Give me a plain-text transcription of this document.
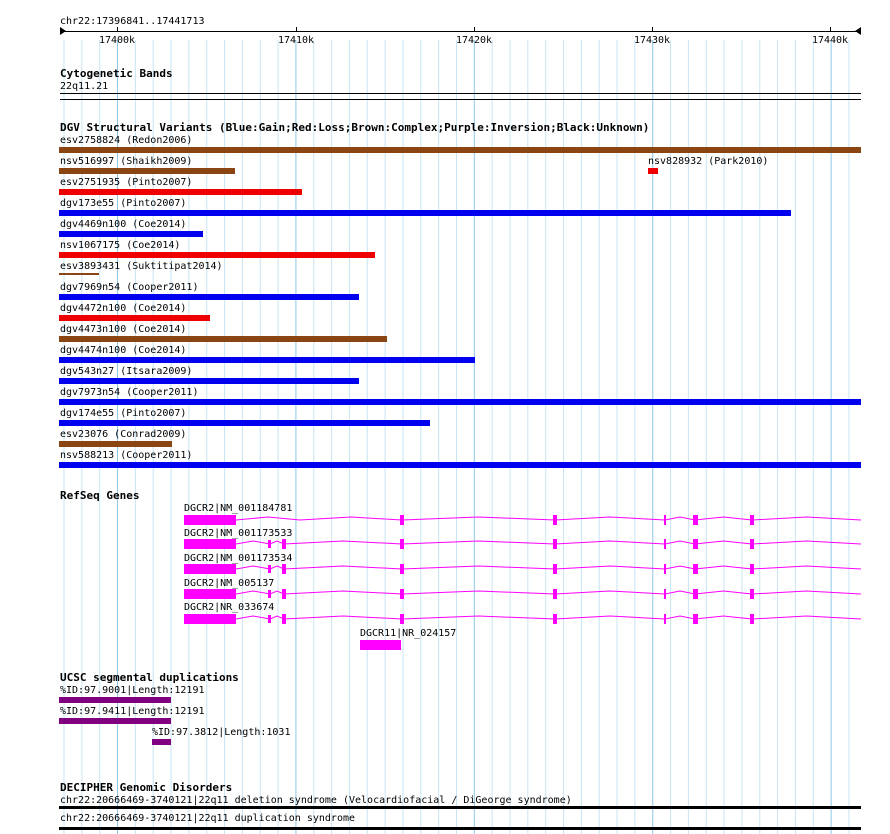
chr22:17396841..17441713
17400k	17410k	17420k	17430k	17440k
Cytogenetic Bands
22q11.21
DGV Structural Variants (Blue:Gain;Red:Loss;Brown:Complex;Purple:Inversion;Black:Unknown)
esv2758824 (Redon2006)
nsv516997 (Shaikh2009)	nsv828932 (Park2010)
esv2751935 (Pinto2007)
dgv173e55 (Pinto2007)
dgv4469n100 (Coe2014)
nsv1067175 (Coe2014)
esv3893431 (Suktitipat2014)
dgv7969n54 (Cooper2011)
dgv4472n100 (Coe2014)
dgv4473n100 (Coe2014)
dgv4474n100 (Coe2014)
dgv543n27 (Itsara2009)
dgv7973n54 (Cooper2011)
dgv174e55 (Pinto2007)
esv23076 (Conrad2009)
nsv588213 (Cooper2011)
RefSeq Genes
DGCR2|NM_001184781
DGCR2|NM_001173533
DGCR2|NM_001173534
DGCR2|NM_005137
DGCR2|NR_033674
DGCR11|NR_024157
UCSC segmental duplications
%ID:97.9001|Length:12191
%ID:97.9411|Length:12191
%ID:97.3812|Length:1031
DECIPHER Genomic Disorders
chr22:20666469-3740121|22q11 deletion syndrome (Velocardiofacial / DiGeorge syndrome)
chr22:20666469-3740121|22q11 duplication syndrome
